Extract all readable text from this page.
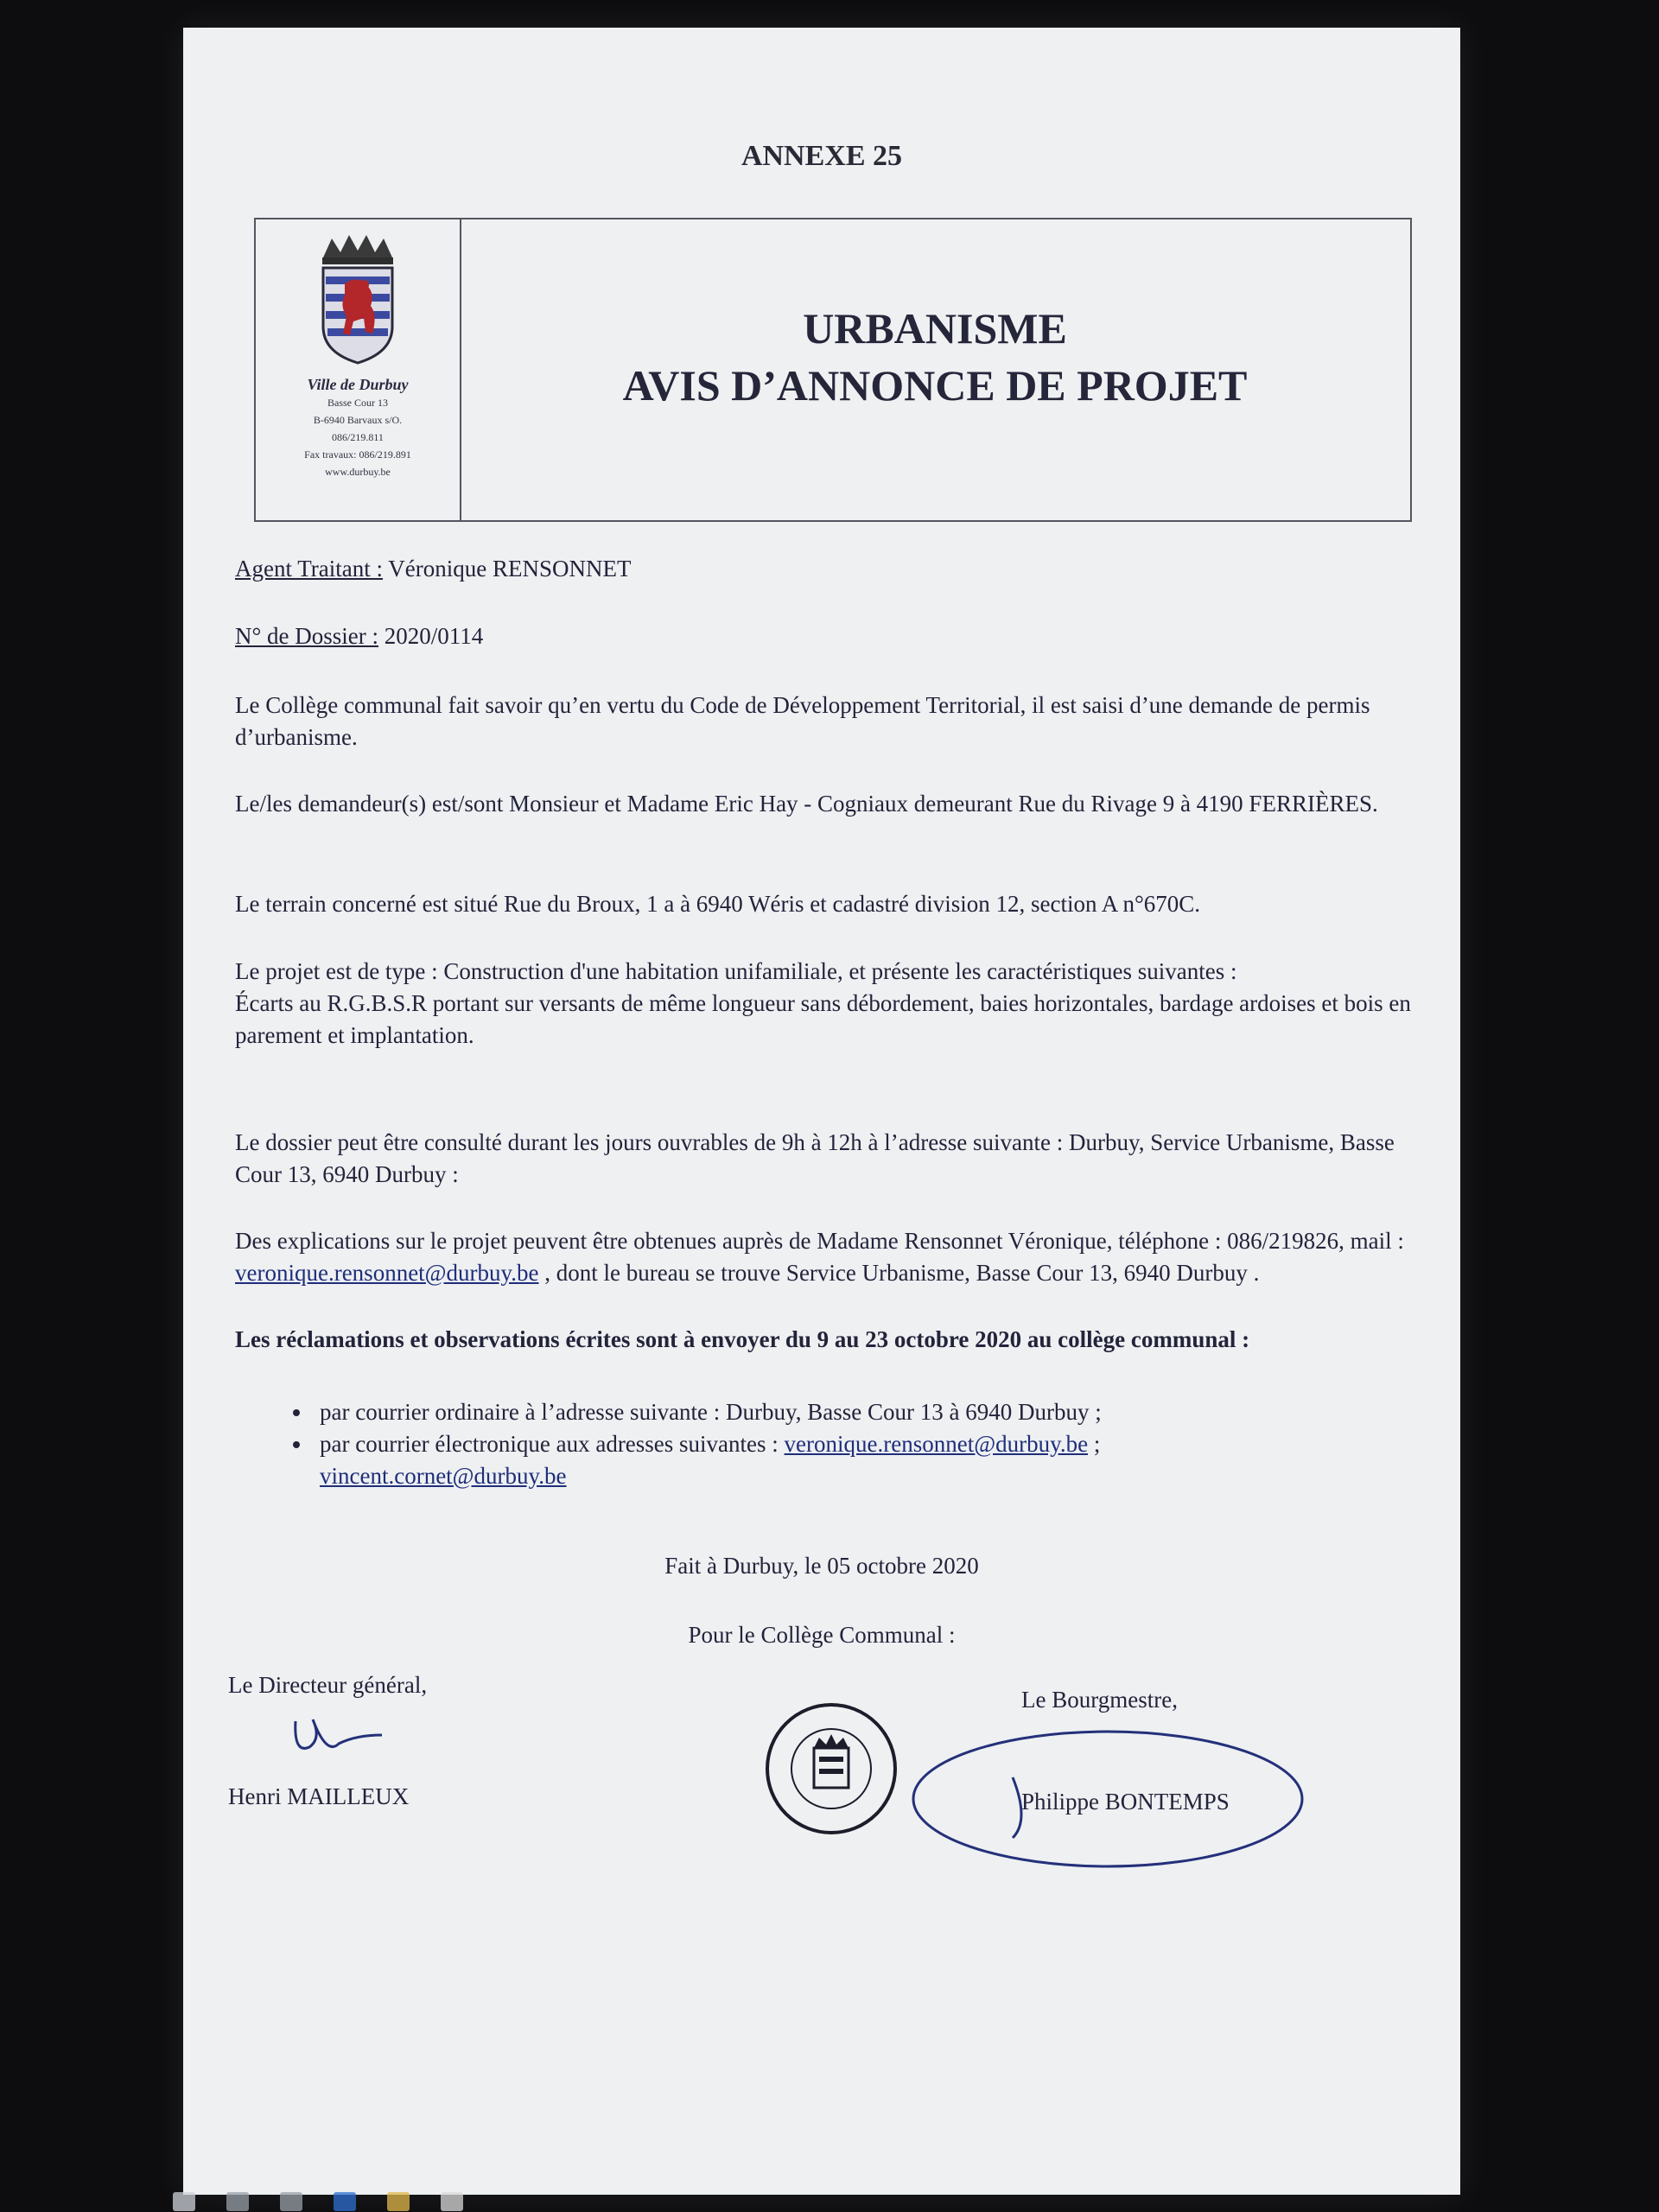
ANNEXE 25
Ville de Durbuy
Basse Cour 13
B-6940 Barvaux s/O.
086/219.811
Fax travaux: 086/219.891
www.durbuy.be
URBANISME
AVIS D’ANNONCE DE PROJET
Agent Traitant : Véronique RENSONNET
N° de Dossier : 2020/0114
Le Collège communal fait savoir qu’en vertu du Code de Développement Territorial, il est saisi d’une demande de permis d’urbanisme.
Le/les demandeur(s) est/sont Monsieur et Madame Eric Hay - Cogniaux demeurant Rue du Rivage 9 à 4190 FERRIÈRES.
Le terrain concerné est situé Rue du Broux, 1 a à 6940 Wéris et cadastré division 12, section A n°670C.
Le projet est de type : Construction d'une habitation unifamiliale, et présente les caractéristiques suivantes :
Écarts au R.G.B.S.R portant sur versants de même longueur sans débordement, baies horizontales, bardage ardoises et bois en parement et implantation.
Le dossier peut être consulté durant les jours ouvrables de 9h à 12h à l’adresse suivante : Durbuy, Service Urbanisme, Basse Cour 13, 6940 Durbuy :
Des explications sur le projet peuvent être obtenues auprès de Madame Rensonnet Véronique, téléphone : 086/219826, mail : veronique.rensonnet@durbuy.be , dont le bureau se trouve Service Urbanisme, Basse Cour 13, 6940 Durbuy .
Les réclamations et observations écrites sont à envoyer du 9 au 23 octobre 2020 au collège communal :
• par courrier ordinaire à l’adresse suivante : Durbuy, Basse Cour 13 à 6940 Durbuy ;
• par courrier électronique aux adresses suivantes : veronique.rensonnet@durbuy.be ;
vincent.cornet@durbuy.be
Fait à Durbuy, le 05 octobre 2020
Pour le Collège Communal :
Le Directeur général,
Henri MAILLEUX
Le Bourgmestre,
Philippe BONTEMPS
